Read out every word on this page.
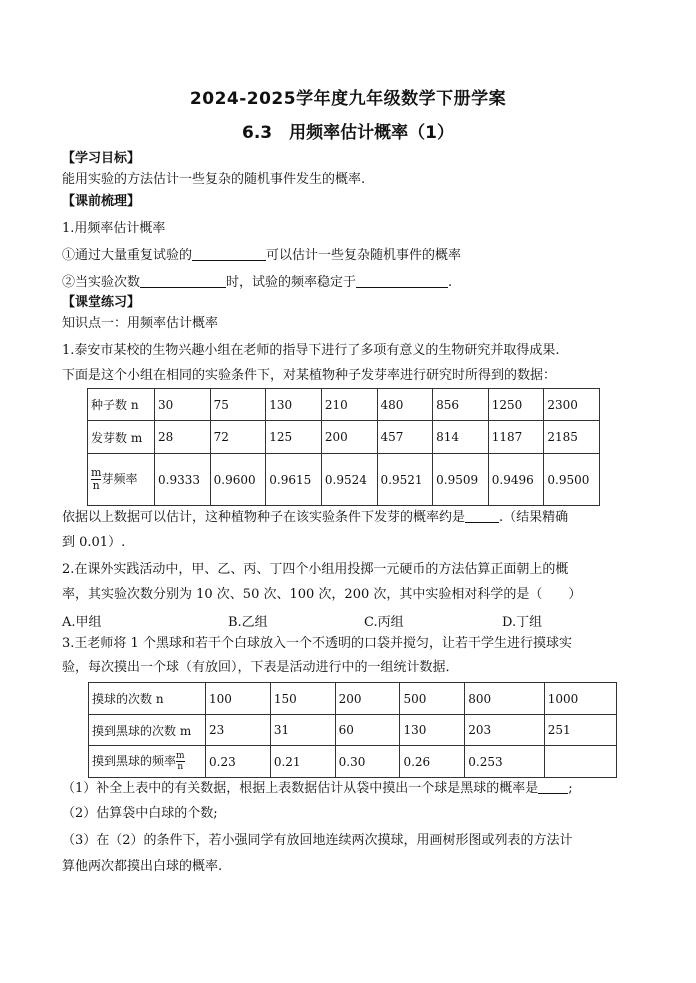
2024-2025学年度九年级数学下册学案
6.3　用频率估计概率（1）
【学习目标】
能用实验的方法估计一些复杂的随机事件发生的概率.
【课前梳理】
1.用频率估计概率
①通过大量重复试验的	可以估计一些复杂随机事件的概率
②当实验次数	时，试验的频率稳定于	.
【课堂练习】
知识点一：用频率估计概率
1.泰安市某校的生物兴趣小组在老师的指导下进行了多项有意义的生物研究并取得成果.
下面是这个小组在相同的实验条件下，对某植物种子发芽率进行研究时所得到的数据：
种子数 n	30	75	130	210	480	856	1250	2300
发芽数 m	28	72	125	200	457	814	1187	2185

$\frac{m}{n}$ 芽频率	0.9333	0.9600	0.9615	0.9524	0.9521	0.9509	0.9496	0.9500
依据以上数据可以估计，这种植物种子在该实验条件下发芽的概率约是	.（结果精确
到 0.01）.
2.在课外实践活动中，甲、乙、丙、丁四个小组用投掷一元硬币的方法估算正面朝上的概
率，其实验次数分别为 10 次、50 次、100 次，200 次，其中实验相对科学的是（　　）
A.甲组	B.乙组	C.丙组	D.丁组
3.王老师将 1 个黑球和若干个白球放入一个不透明的口袋并搅匀，让若干学生进行摸球实
验，每次摸出一个球（有放回），下表是活动进行中的一组统计数据．
摸球的次数 n	100	150	200	500	800	1000
摸到黑球的次数 m	23	31	60	130	203	251
摸到黑球的频率 $\frac{m}{n}$	0.23	0.21	0.30	0.26	0.253	
（1）补全上表中的有关数据，根据上表数据估计从袋中摸出一个球是黑球的概率是 ;
（2）估算袋中白球的个数;
（3）在（2）的条件下，若小强同学有放回地连续两次摸球，用画树形图或列表的方法计
算他两次都摸出白球的概率.
